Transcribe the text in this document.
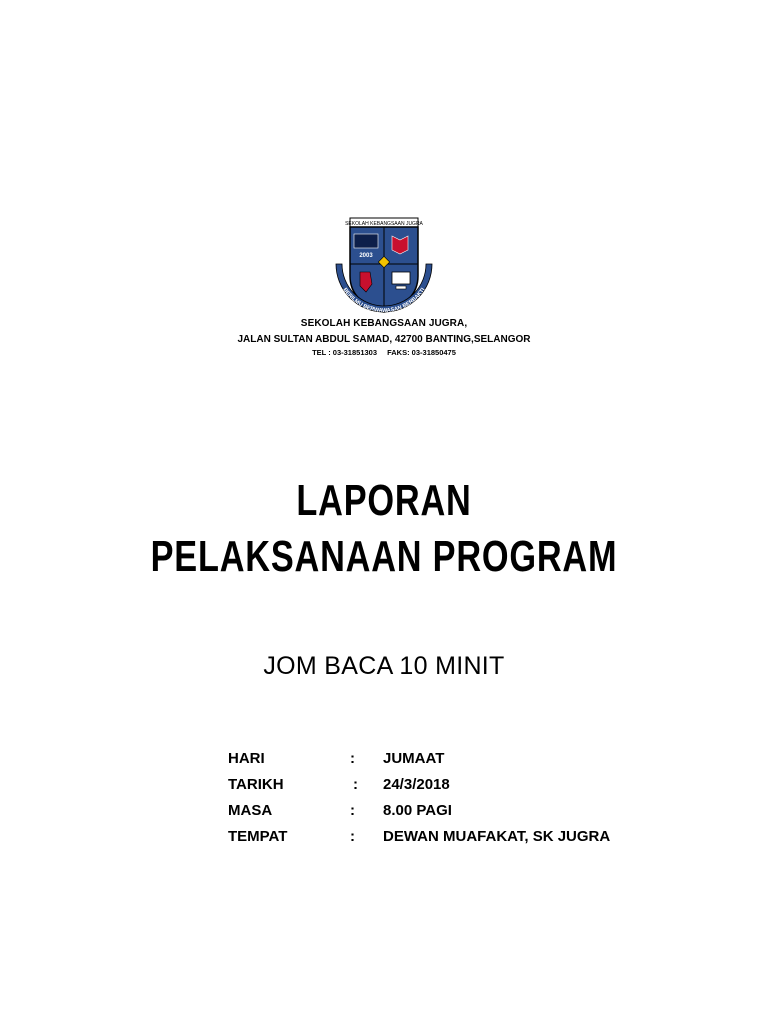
SEKOLAH KEBANGSAAN JUGRA
2003
BERILMU BERWAWASAN BERBAKTI
SEKOLAH KEBANGSAAN JUGRA,
JALAN SULTAN ABDUL SAMAD, 42700 BANTING,SELANGOR
TEL : 03-31851303 FAKS: 03-31850475
LAPORAN
PELAKSANAAN PROGRAM
JOM BACA 10 MINIT
HARI	: JUMAAT
TARIKH	: 24/3/2018
MASA	: 8.00 PAGI
TEMPAT	: DEWAN MUAFAKAT, SK JUGRA
